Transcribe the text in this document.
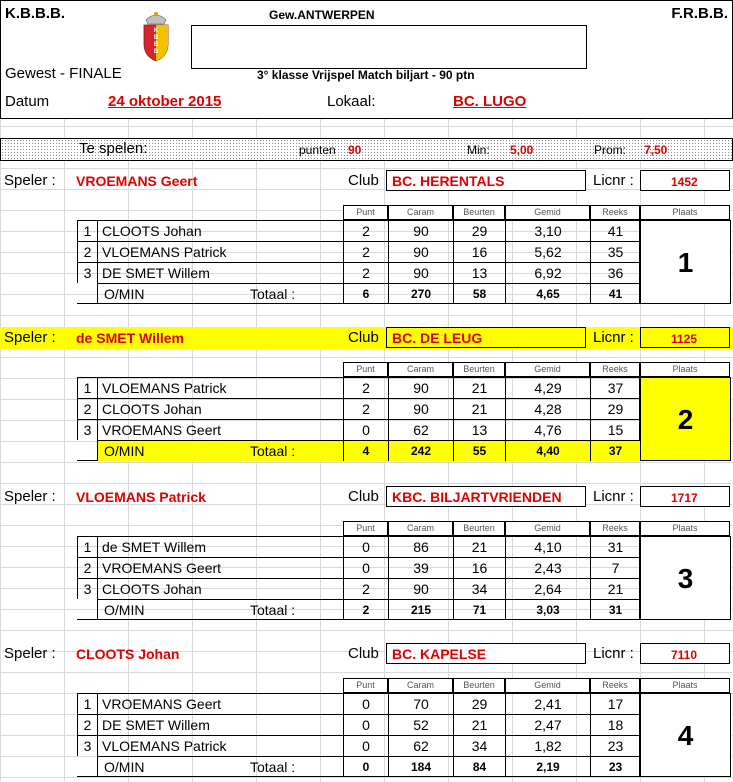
K.B.B.B.	F.R.B.B.
Gew.ANTWERPEN
K
B
B
B
Gewest - FINALE	3° klasse Vrijspel Match biljart - 90 ptn
Datum	24 oktober 2015	Lokaal:	BC. LUGO
Te spelen:	punten 90	Min: 5,00	Prom: 7,50
Speler : VROEMANS Geert	Club BC. HERENTALS	Licnr :	1452
Punt	Caram	Beurten	Gemid	Reeks	Plaats
1 CLOOTS Johan	2	90	29	3,10	41
2 VLOEMANS Patrick	2	90	16	5,62	35
3 DE SMET Willem	2	90	13	6,92	36
O/MIN	Totaal :	6	270	58	4,65	41
1
Speler : de SMET Willem	Club BC. DE LEUG	Licnr :	1125
Punt	Caram	Beurten	Gemid	Reeks	Plaats
1 VLOEMANS Patrick	2	90	21	4,29	37
2 CLOOTS Johan	2	90	21	4,28	29
3 VROEMANS Geert	0	62	13	4,76	15
O/MIN	Totaal :	4	242	55	4,40	37
2
Speler : VLOEMANS Patrick	Club KBC. BILJARTVRIENDEN Licnr :	1717
Punt	Caram	Beurten	Gemid	Reeks	Plaats
1 de SMET Willem	0	86	21	4,10	31
2 VROEMANS Geert	0	39	16	2,43	7
3 CLOOTS Johan	2	90	34	2,64	21
O/MIN	Totaal :	2	215	71	3,03	31
3
Speler : CLOOTS Johan	Club BC. KAPELSE	Licnr :	7110
Punt	Caram	Beurten	Gemid	Reeks	Plaats
1 VROEMANS Geert	0	70	29	2,41	17
2 DE SMET Willem	0	52	21	2,47	18
3 VLOEMANS Patrick	0	62	34	1,82	23
O/MIN	Totaal :	0	184	84	2,19	23
4
